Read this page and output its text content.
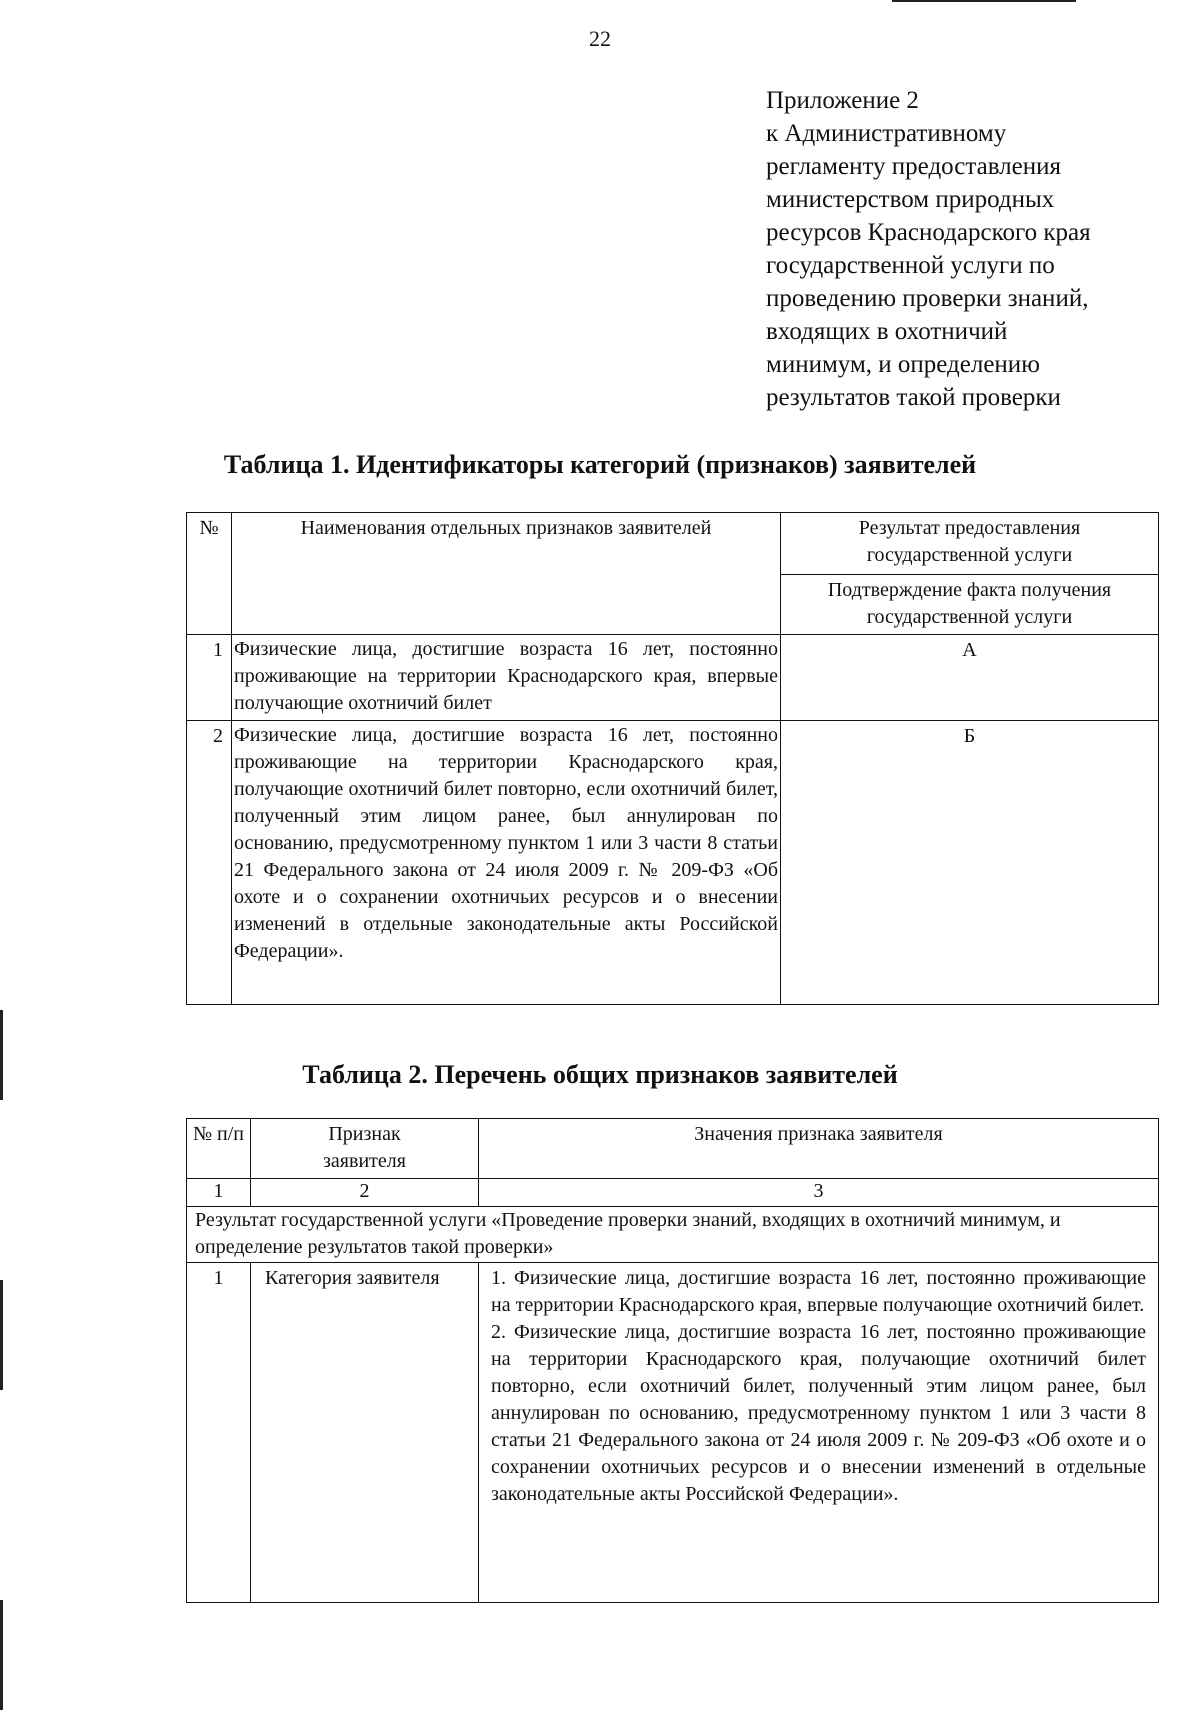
22
Приложение 2
к Административному
регламенту предоставления
министерством природных
ресурсов Краснодарского края
государственной услуги по
проведению проверки знаний,
входящих в охотничий
минимум, и определению
результатов такой проверки
Таблица 1. Идентификаторы категорий (признаков) заявителей
№	Наименования отдельных признаков заявителей	Результат предоставления государственной услуги
		Подтверждение факта получения государственной услуги
1	Физические лица, достигшие возраста 16 лет, постоянно проживающие на территории Краснодарского края, впервые получающие охотничий билет	А
2	Физические лица, достигшие возраста 16 лет, постоянно проживающие на территории Краснодарского края, получающие охотничий билет повторно, если охотничий билет, полученный этим лицом ранее, был аннулирован по основанию, предусмотренному пунктом 1 или 3 части 8 статьи 21 Федерального закона от 24 июля 2009 г. № 209-ФЗ «Об охоте и о сохранении охотничьих ресурсов и о внесении изменений в отдельные законодательные акты Российской Федерации».	Б
Таблица 2. Перечень общих признаков заявителей
№ п/п	Признак заявителя	Значения признака заявителя
1	2	3
Результат государственной услуги «Проведение проверки знаний, входящих в охотничий минимум, и определение результатов такой проверки»		
1	Категория заявителя	1. Физические лица, достигшие возраста 16 лет, постоянно проживающие на территории Краснодарского края, впервые получающие охотничий билет.
2. Физические лица, достигшие возраста 16 лет, постоянно проживающие на территории Краснодарского края, получающие охотничий билет повторно, если охотничий билет, полученный этим лицом ранее, был аннулирован по основанию, предусмотренному пунктом 1 или 3 части 8 статьи 21 Федерального закона от 24 июля 2009 г. № 209-ФЗ «Об охоте и о сохранении охотничьих ресурсов и о внесении изменений в отдельные законодательные акты Российской Федерации».
